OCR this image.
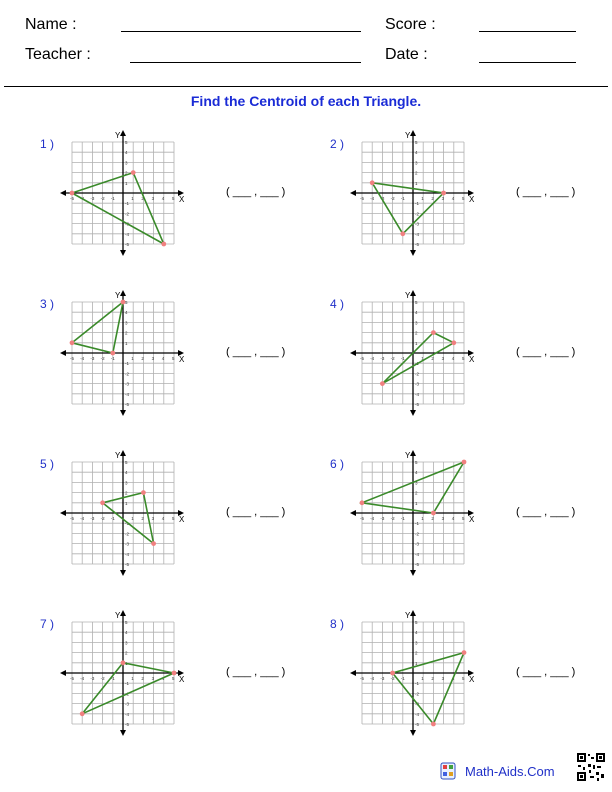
Name :	Score :
Teacher :	Date :
Find the Centroid of each Triangle.
1 )
X
Y
-5
-5
-4
-4
-3
-3
-2
-2
-1
-1
1
1
2
2
3
3
4
4
5
5
( ___ , ___ )
2 )
X
Y
-5
-5
-4
-4
-3
-3
-2
-2
-1
-1
1
1
2
2
3
3
4
4
5
5
( ___ , ___ )
3 )
X
Y
-5
-5
-4
-4
-3
-3
-2
-2
-1
-1
1
1
2
2
3
3
4
4
5
5
( ___ , ___ )
4 )
X
Y
-5
-5
-4
-4
-3
-3
-2
-2
-1
-1
1
1
2
2
3
3
4
4
5
5
( ___ , ___ )
5 )
X
Y
-5
-5
-4
-4
-3
-3
-2
-2
-1
-1
1
1
2
2
3
3
4
4
5
5
( ___ , ___ )
6 )
X
Y
-5
-5
-4
-4
-3
-3
-2
-2
-1
-1
1
1
2
2
3
3
4
4
5
5
( ___ , ___ )
7 )
X
Y
-5
-5
-4
-4
-3
-3
-2
-2
-1
-1
1
1
2
2
3
3
4
4
5
5
( ___ , ___ )
8 )
X
Y
-5
-5
-4
-4
-3
-3
-2
-2
-1
-1
1
1
2
2
3
3
4
4
5
5
( ___ , ___ )
Math-Aids.Com
